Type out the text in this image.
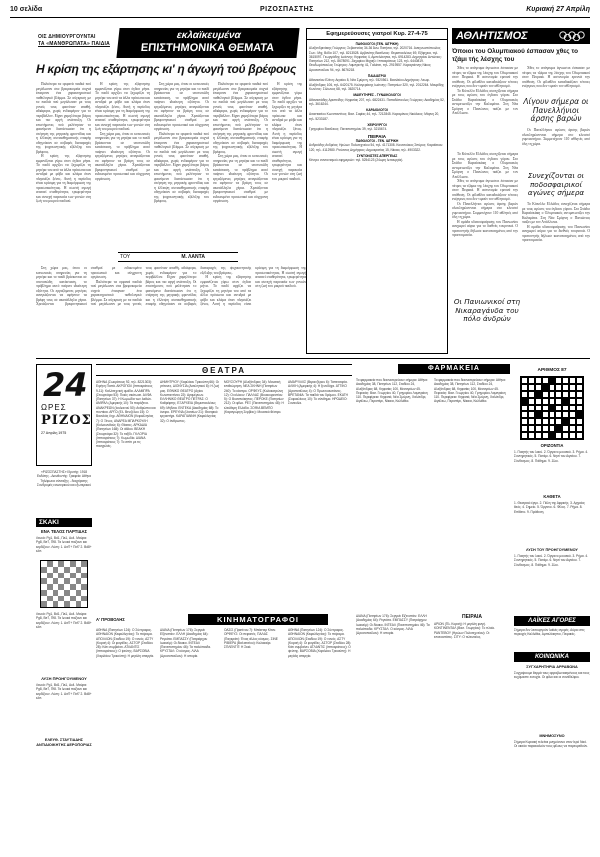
10 σελίδα	ΡΙΖΟΣΠΑΣΤΗΣ	Κυριακή 27 Απρίλη
ΟΙΣ ΔΗΜΙΟΥΡΓΟΥΝΤΑΙ
ΤΑ «ΜΑΝΘΡΩΠΑΤΑ» ΠΑΙΔΙΑ
εκλαϊκευμένα
ΕΠΙΣΤΗΜΟΝΙΚΑ ΘΕΜΑΤΑ
Η κρίση της εξάρτησης κι' η άγωγή τού βρέφους

Παλιότερα τα ορφανά παιδιά πού μεγάλωναν στα βρεφοκομεία συχνά έπαιρναν ένα χαρακτηριστικό παθολογικό βλέμμα. Σε σύγκριση με τα παιδιά πού μεγάλωναν με τους γονείς τους φαινόταν απαθή, αδιάφορα, χωρίς ενδιαφέρον για το περιβάλλον. Είχαν χαμηλότερο βάρος και πιο αργή ανάπτυξη. Οι επιστήμονες πού μελέτησαν το φαινόμενο διαπίστωσαν ότι η στέρηση της μητρικής φροντίδας και η έλλειψη συναισθηματικής επαφής οδηγούσαν σε σοβαρές διαταραχές της ψυχοκινητικής εξέλιξης του βρέφους.

Η κρίση της εξάρτησης εμφανίζεται γύρω στον όγδοο μήνα. Το παιδί αρχίζει να ξεχωρίζει τη μητέρα του από τα άλλα πρόσωπα και αντιδρά με φόβο και κλάμα όταν πλησιάζει ξένος. Αυτή η περίοδος είναι κρίσιμη για τη διαμόρφωση της προσωπικότητας. Η σωστή αγωγή απαιτεί σταθερότητα, τρυφερότητα και συνεχή παρουσία των γονιών στη ζωή του μικρού παιδιού.

Η κρίση της εξάρτησης εμφανίζεται γύρω στον όγδοο μήνα. Το παιδί αρχίζει να ξεχωρίζει τη μητέρα του από τα άλλα πρόσωπα και αντιδρά με φόβο και κλάμα όταν πλησιάζει ξένος. Αυτή η περίοδος είναι κρίσιμη για τη διαμόρφωση της προσωπικότητας. Η σωστή αγωγή απαιτεί σταθερότητα, τρυφερότητα και συνεχή παρουσία των γονιών στη ζωή του μικρού παιδιού.

Στη χώρα μας, όπου οι κοινωνικές υπηρεσίες για τη μητέρα και το παιδί βρίσκονται σε υποτυπώδη κατάσταση, το πρόβλημα αυτό παίρνει ιδιαίτερη οξύτητα. Οι εργαζόμενες μητέρες αναγκάζονται να αφήνουν τα βρέφη τους σε ακατάλληλα χέρια. Χρειάζονται βρεφονηπιακοί σταθμοί με ειδικευμένο προσωπικό και σύγχρονη οργάνωση.

Στη χώρα μας, όπου οι κοινωνικές υπηρεσίες για τη μητέρα και το παιδί βρίσκονται σε υποτυπώδη κατάσταση, το πρόβλημα αυτό παίρνει ιδιαίτερη οξύτητα. Οι εργαζόμενες μητέρες αναγκάζονται να αφήνουν τα βρέφη τους σε ακατάλληλα χέρια. Χρειάζονται βρεφονηπιακοί σταθμοί με ειδικευμένο προσωπικό και σύγχρονη οργάνωση.

Παλιότερα τα ορφανά παιδιά πού μεγάλωναν στα βρεφοκομεία συχνά έπαιρναν ένα χαρακτηριστικό παθολογικό βλέμμα. Σε σύγκριση με τα παιδιά πού μεγάλωναν με τους γονείς τους φαινόταν απαθή, αδιάφορα, χωρίς ενδιαφέρον για το περιβάλλον. Είχαν χαμηλότερο βάρος και πιο αργή ανάπτυξη. Οι επιστήμονες πού μελέτησαν το φαινόμενο διαπίστωσαν ότι η στέρηση της μητρικής φροντίδας και η έλλειψη συναισθηματικής επαφής οδηγούσαν σε σοβαρές διαταραχές της ψυχοκινητικής εξέλιξης του βρέφους.

Παλιότερα τα ορφανά παιδιά πού μεγάλωναν στα βρεφοκομεία συχνά έπαιρναν ένα χαρακτηριστικό παθολογικό βλέμμα. Σε σύγκριση με τα παιδιά πού μεγάλωναν με τους γονείς τους φαινόταν απαθή, αδιάφορα, χωρίς ενδιαφέρον για το περιβάλλον. Είχαν χαμηλότερο βάρος και πιο αργή ανάπτυξη. Οι επιστήμονες πού μελέτησαν το φαινόμενο διαπίστωσαν ότι η στέρηση της μητρικής φροντίδας και η έλλειψη συναισθηματικής επαφής οδηγούσαν σε σοβαρές διαταραχές της ψυχοκινητικής εξέλιξης του βρέφους.

Στη χώρα μας, όπου οι κοινωνικές υπηρεσίες για τη μητέρα και το παιδί βρίσκονται σε υποτυπώδη κατάσταση, το πρόβλημα αυτό παίρνει ιδιαίτερη οξύτητα. Οι εργαζόμενες μητέρες αναγκάζονται να αφήνουν τα βρέφη τους σε ακατάλληλα χέρια. Χρειάζονται βρεφονηπιακοί σταθμοί με ειδικευμένο προσωπικό και σύγχρονη οργάνωση.

Η κρίση της εξάρτησης εμφανίζεται γύρω στον όγδοο μήνα. Το παιδί αρχίζει να ξεχωρίζει τη μητέρα του από τα άλλα πρόσωπα και αντιδρά με φόβο και κλάμα όταν πλησιάζει ξένος. Αυτή η περίοδος είναι κρίσιμη για τη διαμόρφωση της προσωπικότητας. Η σωστή αγωγή απαιτεί σταθερότητα, τρυφερότητα και συνεχή παρουσία των γονιών στη ζωή του μικρού παιδιού.

ΤΟΥ	Μ. ΛΑΝΤΑ

Στη χώρα μας, όπου οι κοινωνικές υπηρεσίες για τη μητέρα και το παιδί βρίσκονται σε υποτυπώδη κατάσταση, το πρόβλημα αυτό παίρνει ιδιαίτερη οξύτητα. Οι εργαζόμενες μητέρες αναγκάζονται να αφήνουν τα βρέφη τους σε ακατάλληλα χέρια. Χρειάζονται βρεφονηπιακοί σταθμοί με ειδικευμένο προσωπικό και σύγχρονη οργάνωση.

Παλιότερα τα ορφανά παιδιά πού μεγάλωναν στα βρεφοκομεία συχνά έπαιρναν ένα χαρακτηριστικό παθολογικό βλέμμα. Σε σύγκριση με τα παιδιά πού μεγάλωναν με τους γονείς τους φαινόταν απαθή, αδιάφορα, χωρίς ενδιαφέρον για το περιβάλλον. Είχαν χαμηλότερο βάρος και πιο αργή ανάπτυξη. Οι επιστήμονες πού μελέτησαν το φαινόμενο διαπίστωσαν ότι η στέρηση της μητρικής φροντίδας και η έλλειψη συναισθηματικής επαφής οδηγούσαν σε σοβαρές διαταραχές της ψυχοκινητικής εξέλιξης του βρέφους.

Η κρίση της εξάρτησης εμφανίζεται γύρω στον όγδοο μήνα. Το παιδί αρχίζει να ξεχωρίζει τη μητέρα του από τα άλλα πρόσωπα και αντιδρά με φόβο και κλάμα όταν πλησιάζει ξένος. Αυτή η περίοδος είναι κρίσιμη για τη διαμόρφωση της προσωπικότητας. Η σωστή αγωγή απαιτεί σταθερότητα, τρυφερότητα και συνεχή παρουσία των γονιών στη ζωή του μικρού παιδιού.

Εφημερεύουσες γιατροί Κυρ. 27-4-75
ΠΑΘΟΛΟΓΟΙ (ΓΕΝ. ΙΑΤΡΙΚΗ)
Αλεξανδρινάκης Γεώργιος: Σεβαστείας 34-36 Άνω Πατήσια, τηλ. 2020716. Αναγνωστόπουλος Σωτ.: Μιχ. Βόδα 107, τηλ. 8213528. Αρβανίτης Βασίλειος: Θεμιστοκλέους 69, Εξάρχεια, τηλ. 3615097. Γεωργιάδης Ιωάννης: Κηφισίας 4, Αμπελόκηποι, τηλ. 6914283. Δημητρίου Αντώνιος: Πατησίων 212, τηλ. 8678091. Ζαχαρίου Μιχαήλ: Ιπποκράτους 123, τηλ. 6440819. Θεοδωρόπουλος Γεώργιος: Λαμπρινής 41, Γαλάτσι, τηλ. 2919557. Καραγιάννης Νίκος: Δροσοπούλου 94, τηλ. 8676218.
ΠΑΙΔΙΑΤΡΟΙ
Αθανασίου Ελένη: Αιγαίου 8, Νέα Σμύρνη, τηλ. 9320561. Βασιλείου Δημήτριος: Λεωφ. Αλεξάνδρας 106, τηλ. 6420175. Καλογεράκης Ιωάννης: Πατησίων 320, τηλ. 2012264. Μαυρίδης Κων/νος: Σόλωνος 68, τηλ. 3620714.
ΜΑΙΕΥΤΗΡΕΣ - ΓΥΝΑΙΚΟΛΟΓΟΙ
Αθανασιάδης Αριστείδης: Κηφισίας 207, τηλ. 6822431. Παπαδόπουλος Γεώργιος: Ακαδημίας 52, τηλ. 3616244.
ΚΑΡΔΙΟΛΟΓΟΙ
Αναστασίου Κωνσταντίνος: Βασ. Σοφίας 44, τηλ. 7212845. Καραμάνος Νικόλαος: Μάρνη 20, τηλ. 5233187.
ΧΕΙΡΟΥΡΓΟΙ
Γρηγορίου Βασίλειος: Πανεπιστημίου 39, τηλ. 3215674.
ΠΕΙΡΑΙΑ
ΠΑΘΟΛΟΓΟΙ - ΓΕΝ. ΙΑΤΡΙΚΗ
Ανδρεάδης Ανδρέας: Ηρώων Πολυτεχνείου 54, τηλ. 4171308. Κουτσούκος Σπύρος: Καραϊσκου 120, τηλ. 4112980. Ρούσσος Δημήτριος: Δημοκρατίας 15, Νίκαια, τηλ. 4903322.
ΣΥΝΤΟΝΙΣΤΕΣ ΑΠΕΡΓΕΙΑΣ
Κέντρο συντονισμού εφημεριών: τηλ. 5254123 (24ωρη λειτουργία).
ΑΘΛΗΤΙΣΜΟΣ
Όποιοι του Ολυμπιακού έσπασαν χθες το τζάμι τής λέσχης του

Χθες το απόγευμα άγνωστοι έσπασαν με πέτρες τα τζάμια της λέσχης του Ολυμπιακού στον Πειραιά. Η αστυνομία ερευνά την υπόθεση. Οι φίλαθλοι καταδικάζουν τέτοιες ενέργειες που δεν τιμούν τον αθλητισμό.

Το Κύπελλο Ελλάδος συνεχίζεται σήμερα με τους αγώνες του όγδοου γύρου. Στο Στάδιο Καραϊσκάκη ο Ολυμπιακός αντιμετωπίζει την Καλαμάτα. Στη Νέα Σμύρνη ο Πανιώνιος παίζει με τον Απόλλωνα.

Χθες το απόγευμα άγνωστοι έσπασαν με πέτρες τα τζάμια της λέσχης του Ολυμπιακού στον Πειραιά. Η αστυνομία ερευνά την υπόθεση. Οι φίλαθλοι καταδικάζουν τέτοιες ενέργειες που δεν τιμούν τον αθλητισμό.

Λίγουν σήμερα οι Πανελλήνιοι άρσης βαρών

Οι Πανελλήνιοι αγώνες άρσης βαρών ολοκληρώνονται σήμερα στο κλειστό γυμναστήριο. Συμμετέχουν 110 αθλητές από όλη τη χώρα.

Το Κύπελλο Ελλάδος συνεχίζεται σήμερα με τους αγώνες του όγδοου γύρου. Στο Στάδιο Καραϊσκάκη ο Ολυμπιακός αντιμετωπίζει την Καλαμάτα. Στη Νέα Σμύρνη ο Πανιώνιος παίζει με τον Απόλλωνα.

Χθες το απόγευμα άγνωστοι έσπασαν με πέτρες τα τζάμια της λέσχης του Ολυμπιακού στον Πειραιά. Η αστυνομία ερευνά την υπόθεση. Οι φίλαθλοι καταδικάζουν τέτοιες ενέργειες που δεν τιμούν τον αθλητισμό.

Οι Πανελλήνιοι αγώνες άρσης βαρών ολοκληρώνονται σήμερα στο κλειστό γυμναστήριο. Συμμετέχουν 110 αθλητές από όλη τη χώρα.

Η ομάδα υδατοσφαίρισης του Πανιωνίου αναχωρεί αύριο για το διεθνές τουρνουά. Ο προπονητής δήλωσε ικανοποιημένος από την προετοιμασία.

Συνεχίζονται οι ποδοσφαιρικοί αγώνες σήμερα

Το Κύπελλο Ελλάδος συνεχίζεται σήμερα με τους αγώνες του όγδοου γύρου. Στο Στάδιο Καραϊσκάκη ο Ολυμπιακός αντιμετωπίζει την Καλαμάτα. Στη Νέα Σμύρνη ο Πανιώνιος παίζει με τον Απόλλωνα.

Η ομάδα υδατοσφαίρισης του Πανιωνίου αναχωρεί αύριο για το διεθνές τουρνουά. Ο προπονητής δήλωσε ικανοποιημένος από την προετοιμασία.

Οι Πανιωνικοί στη Νικαραγάνδα του πόλο άνδρών
24
ΩΡΕΣ
ΡΙΖΟΣ
27 Απρίλη 1975
«ΡΙΖΟΣΠΑΣΤΗΣ» Ιδρυτής: 1918 Εκδότης - Διευθυντής: Γραφεία: Αθήνα Τηλέφωνα σύνταξης - διαχείρισης Συνδρομές εσωτερικού και εξωτερικού
ΣΚΑΚΙ
ΕΝΑ ΤΕΛΟΣ ΠΑΡΤΙΔΑΣ
Λευκά: Ρg1, Βd1, Πa1, Αc4. Μαύρα: Ρg8, Βe7, Πf8. Τα λευκά παίζουν και κερδίζουν. Λύση: 1. Αxf7+ Πxf7 2. Βd8+ κλπ.
Λευκά: Ρg1, Βd1, Πa1, Αc4. Μαύρα: Ρg8, Βe7, Πf8. Τα λευκά παίζουν και κερδίζουν. Λύση: 1. Αxf7+ Πxf7 2. Βd8+ κλπ.
ΛΥΣΗ ΠΡΟΗΓΟΥΜΕΝΟΥ
Λευκά: Ρg1, Βd1, Πa1, Αc4. Μαύρα: Ρg8, Βe7, Πf8. Τα λευκά παίζουν και κερδίζουν. Λύση: 1. Αxf7+ Πxf7 2. Βd8+ κλπ.
ΕΛΕΥΘ. ΣΤΑΥΤΙΑΔΗΣ ΑΝΤΙΔΙΟΙΚΗΤΗΣ ΑΕΡΟΠΟΡΙΑΣ
ΘΕΑΤΡΑ
ΑΘΗΝΑ (Σωκράτους 92, τηλ. 8221303): Ειρήνη Παπά. ΑΚΡΟΠΟΛ (Ιπποκράτους 9-11): Καλλιτεχνική ομάδα. ΑΛΑΜΠΡΑ (Στουρνάρα 53): Ποιός σκότωσε. ΑΛΦΑ (Πατησίων 37): Η Κωμωδία των λαθών. ΑΜΙΡΑΛ (Αμερικής 10): Τα παράξενα. ΑΝΑΚΡΕΩΝ (Ιουλιανού 50): Ανθρώποι και ποντίκια. ΑΡΓΩ (Ελ. Βενιζέλου 15): Ο Βασιλιάς Ληρ. ΑΘΗΝΑΙΟΝ (Κεφαλληνίας 7): Ο Ξένος. ΑΝΔΡΕΑ ΜΠΑΡΚΟΥΛΗ (Κολοκυνθούς 6): Θίασος. ΑΡΚΑΔΙΑ (Πατησίων 168): Οι άθλιοι. ΒΕΑΚΗ (Στουρνάρα 32): Το ταξίδι. ΓΚΛΟΡΙΑ (Ιπποκράτους 7): Κωμωδία. ΔΙΑΝΑ (Ιπποκράτους 7): Το σπίτι με τις πασχαλιές.
ΔΗΜΗΤΡΙΟΥ (Χαριλάου Τρικούπη 66): Οι γείτονες. ΔΙΟΝΥΣΙΑ (Ασκληπιού 8): Η ζωή μας. ΕΘΝΙΚΟ ΘΕΑΤΡΟ (Αγίου Κωνσταντίνου 22): Αγαμέμνων. ΕΛΛΗΝΙΚΟ ΘΕΑΤΡΟ ΠΕΤΡΑΣ: Ο Καθρέφτης. ΕΞΑΡΧΕΙΑ (Θεμιστοκλέους 69): Μήδεια. ΕΝΤΕΚΑ (Ακαδημίας 68): Το όνειρο. ΕΡΕΥΝΑ (Ιλισσίων 21): Θεατρικό εργαστήρι. ΚΑΡΑΓΙΑΝΝΗ (Κεφαλληνίας 32): Ο άνθρωπος.
ΜΟΥΣΟΥΡΗ (Αλεξάνδρας 34): Μουσική επιθεώρηση. ΝΕΑ ΣΚΗΝΗ (Πατησίων 240): Το κάστρο. ΟΡΦΕΥΣ (Κολοκοτρώνη 12): Οι κλόουν. ΠΑΛΛΑΣ (Βουκουρεστίου 5): Ο Βυσσινόκηπος. ΠΕΡΟΚΕ (Πατησίων 212): Οι φίλοι. ΡΕΞ (Πανεπιστημίου 48): Η ελεύθερη Ελλάδα. ΣΟΦΙΑ ΒΕΜΠΟ (Καραγιώργη Σερβίας): Μουσικό θέατρο.
ΑΜΑΡΥΛΛΙΣ (Βερανζέρου 6): Ταπετσαρία. ΑΛΙΚΗ (Αμερικής 4): Η ξενοδόχα. ΑΤΤΙΚΟ (Αριστοτέλους 4): Ο Πρωτευουσιάνος. ΒΡΕΤΑΝΙΑ: Τα παιδιά του δρόμου. ΕΚΑΤΗ (Σοφοκλέους 10): Το σύνθημα. ΗΡΩΔΕΙΟ: Συναυλία.
ΦΑΡΜΑΚΕΙΑ
Τα φαρμακεία που διανυκτερεύουν σήμερα: Αθήνα: Ακαδημίας 38, Πατησίων 112, Σταδίου 24, Αλεξάνδρας 68, Κηφισίας 100, Μεσογείων 45. Πειραιάς: Βασ. Γεωργίου 40, Γρηγορίου Λαμπράκη 110. Περιφέρεια: Κηφισιά, Νέα Σμύρνη, Χαλάνδρι, Αιγάλεω, Περιστέρι, Νίκαια, Καλλιθέα.
Τα φαρμακεία που διανυκτερεύουν σήμερα: Αθήνα: Ακαδημίας 38, Πατησίων 112, Σταδίου 24, Αλεξάνδρας 68, Κηφισίας 100, Μεσογείων 45. Πειραιάς: Βασ. Γεωργίου 40, Γρηγορίου Λαμπράκη 110. Περιφέρεια: Κηφισιά, Νέα Σμύρνη, Χαλάνδρι, Αιγάλεω, Περιστέρι, Νίκαια, Καλλιθέα.
ΑΡΙΘΜΟΣ 87
ΟΡΙΖΟΝΤΙΑ
1. Ποιητής του λαού. 2. Όργανο μουσικό. 3. Ρήμα. 4. Συντηρητικός. 5. Ποτάμι. 6. Νησί του Αιγαίου. 7. Σύνδεσμος. 8. Πάθημα. 9. Ζώο.
ΚΑΘΕΤΑ
1. Θεατρικό έργο. 2. Πόλη της Αφρικής. 3. Αρχαίος θεός. 4. Σημείο. 5. Όργανο. 6. Φίλος. 7. Ρήμα. 8. Επίθετο. 9. Πρόθεση.
ΛΥΣΗ ΤΟΥ ΠΡΟΗΓΟΥΜΕΝΟΥ
1. Ποιητής του λαού. 2. Όργανο μουσικό. 3. Ρήμα. 4. Συντηρητικός. 5. Ποτάμι. 6. Νησί του Αιγαίου. 7. Σύνδεσμος. 8. Πάθημα. 9. Ζώο.
ΚΙΝΗΜΑΤΟΓΡΑΦΟΙ
Α' ΠΡΟΒΟΛΗΣ
ΑΘΗΝΑ (Πατησίων 124): Ο Σύντροφος. ΑΘΗΝΑΙΟΝ (Κεφαλληνίας): Το πείραμα. ΑΠΟΛΛΩΝ (Σταδίου 19): Ο νονός. ΑΣΤΥ (Κοραή 4): Οι φυγάδες. ΑΣΤΟΡ (Σταδίου 28): Κάτι συμβαίνει. ΑΤΛΑΝΤΙΣ (Ιπποκράτους): Ο ψεύτης. ΒΑΡΣΟΒΙΑ (Χαριλάου Τρικούπη): Η μεγάλη απεργία.
ΔΙΑΝΑ (Πατησίων 176): Σεργκέι Εϊζενστάιν. ΕΛΛΗ (Ακαδημίας 64): Ρεγκάτα. ΕΜΠΑΣΣΥ (Πατριάρχου Ιωακείμ): Οι δίκαιοι. ΙΝΤΕΑΛ (Πανεπιστημίου 46): Τα παλιόπαιδα. ΚΡΥΣΤΑΛ: Ο κόσμος. ΛΙΛΑ (Δροσοπούλου): Η ιστορία.
ΟΑΣΙΣ (Πρατίνου 7): Μπάστερ Κίτον. ΟΡΦΕΥΣ: Οι πειρατές. ΠΑΛΑΣ (Παγκράτι): Ένας άλλος κόσμος. ΣΙΝΕ ΡΙΒΙΕΡΑ (Βαλτετσίου): Καλοκαίρι. ΣΠΛΕΝΤΙΤ: Η Σκιά.
ΑΘΗΝΑ (Πατησίων 124): Ο Σύντροφος. ΑΘΗΝΑΙΟΝ (Κεφαλληνίας): Το πείραμα. ΑΠΟΛΛΩΝ (Σταδίου 19): Ο νονός. ΑΣΤΥ (Κοραή 4): Οι φυγάδες. ΑΣΤΟΡ (Σταδίου 28): Κάτι συμβαίνει. ΑΤΛΑΝΤΙΣ (Ιπποκράτους): Ο ψεύτης. ΒΑΡΣΟΒΙΑ (Χαριλάου Τρικούπη): Η μεγάλη απεργία.
ΔΙΑΝΑ (Πατησίων 176): Σεργκέι Εϊζενστάιν. ΕΛΛΗ (Ακαδημίας 64): Ρεγκάτα. ΕΜΠΑΣΣΥ (Πατριάρχου Ιωακείμ): Οι δίκαιοι. ΙΝΤΕΑΛ (Πανεπιστημίου 46): Τα παλιόπαιδα. ΚΡΥΣΤΑΛ: Ο κόσμος. ΛΙΛΑ (Δροσοπούλου): Η ιστορία.
ΠΕΙΡΑΙΑ
ΑΡΙΩΝ (Πλ. Κοραή): Η μεγάλη φυγή. ΚΟΝΤΙΝΕΝΤΑΛ (Βασ. Γεωργίου): Το πλοίο. ΡΑΝΤΕΒΟΥ (Ηρώων Πολυτεχνείου): Οι επαναστάτες. ΣΙΤΥ: Ο τελευταίος.
ΛΑΪΚΕΣ ΑΓΟΡΕΣ
Σήμερα δεν λειτουργούν λαϊκές αγορές. Αύριο στις περιοχές Καλλιθέα, Αμπελόκηποι, Πειραιάς.
ΚΟΙΝΩΝΙΚΑ
ΣΥΓΧΑΡΗΤΗΡΙΑ ΑΡΡΑΒΩΝΑ
Συγχαίρουμε θερμά τους αρραβωνιασμένους και τους ευχόμαστε ευτυχία. Οι φίλοι και οι συνάδελφοι.
ΜΝΗΜΟΣΥΝΟ
Σήμερα Κυριακή τελείται μνημόσυνο στον Ιερό Ναό. Οι οικείοι παρακαλούν τους φίλους να παρευρεθούν.
